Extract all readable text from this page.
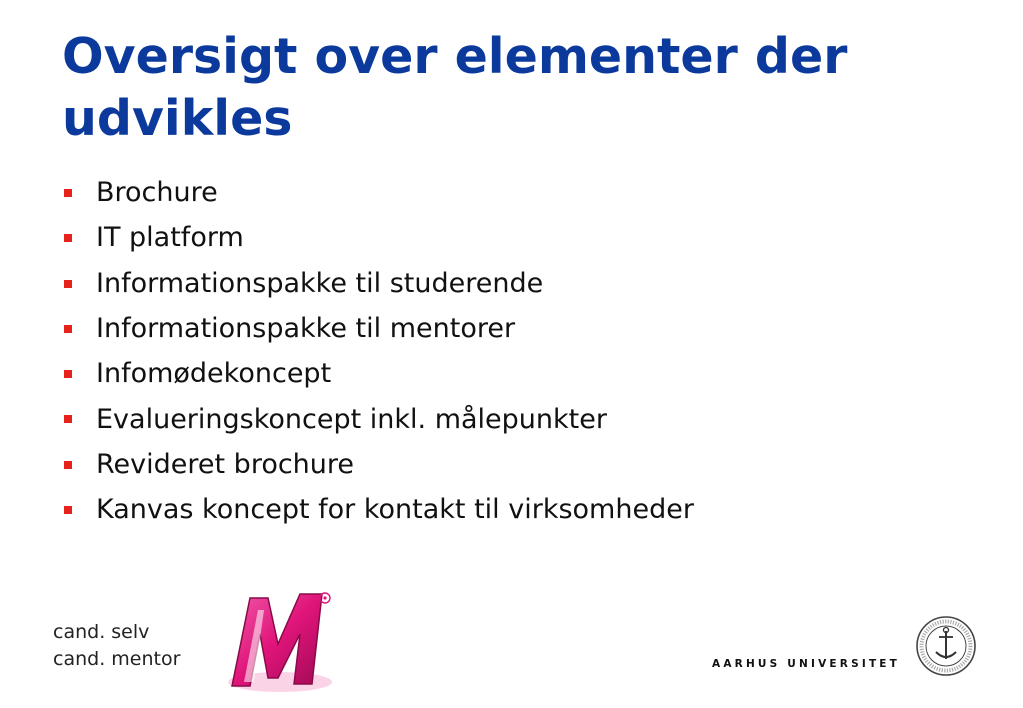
Oversigt over elementer der
udvikles
Brochure
IT platform
Informationspakke til studerende
Informationspakke til mentorer
Infomødekoncept
Evalueringskoncept inkl. målepunkter
Revideret brochure
Kanvas koncept for kontakt til virksomheder
cand. selv
cand. mentor	AARHUS UNIVERSITET
